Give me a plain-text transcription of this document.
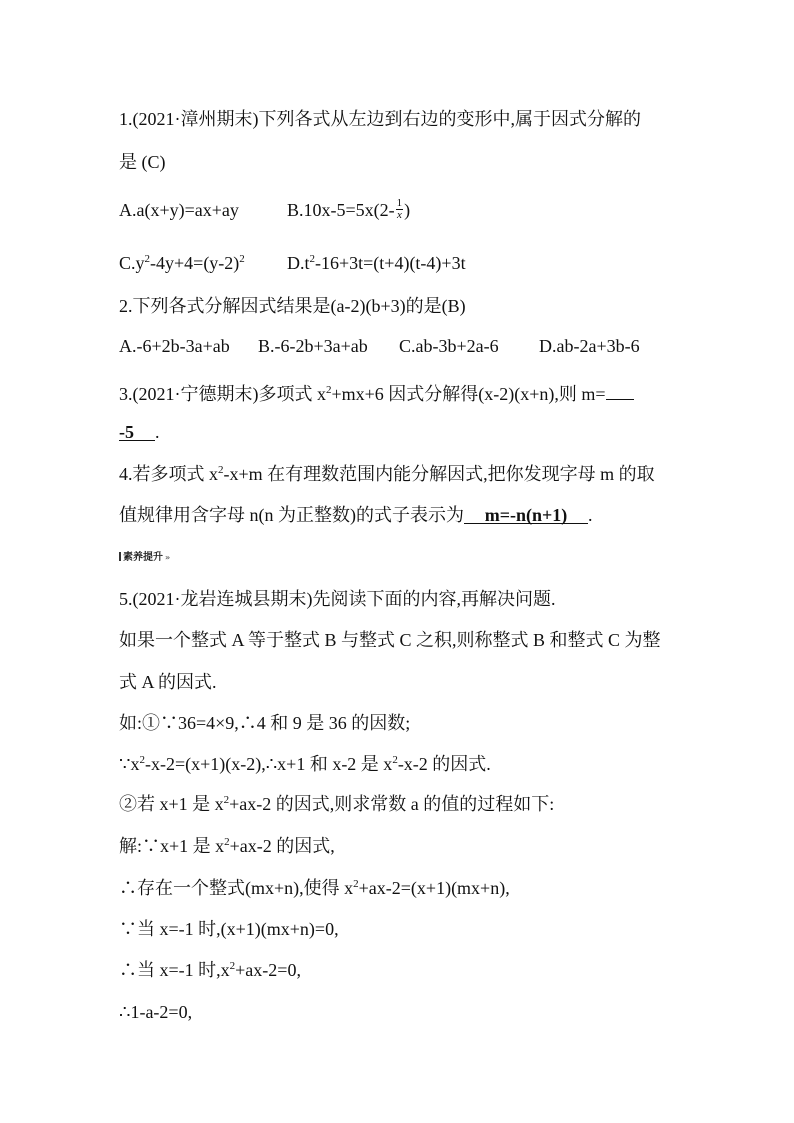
1.(2021·漳州期末)下列各式从左边到右边的变形中,属于因式分解的
是 (C)
A.a(x+y)=ax+ay	$B.10x-5=5x(2- \frac{1}{x}$ )
$C.y^2-4y+4=(y-2)^2$ $D.t^2-16+3t=(t+4)(t-4)+3t$
2.下列各式分解因式结果是(a-2)(b+3)的是(B)
A.-6+2b-3a+ab B.-6-2b+3a+ab C.ab-3b+2a-6 D.ab-2a+3b-6
3.(2021·宁德期末)多项式 $x^2+mx+6$ 因式分解得(x-2)(x+n),则 m=
-5 .
4.若多项式 $x^2-x+m$ 在有理数范围内能分解因式,把你发现字母 m 的取
值规律用含字母 n(n 为正整数)的式子表示为 m=-n(n+1) .
素养提升 »
5.(2021·龙岩连城县期末)先阅读下面的内容,再解决问题.
如果一个整式 A 等于整式 B 与整式 C 之积,则称整式 B 和整式 C 为整
式 A 的因式.
如:①∵36=4×9,∴4 和 9 是 36 的因数;
$\because x^2-x-2=(x+1)(x-2),\therefore x+1$ 和 x-2 是 $x^2-x-2$ 的因式.
②若 x+1 是 $x^2+ax-2$ 的因式,则求常数 a 的值的过程如下:
解:∵x+1 是 $x^2+ax-2$ 的因式,
∴存在一个整式(mx+n),使得 $x^2+ax-2=(x+1)(mx+n)$,
∵当 x=-1 时,(x+1)(mx+n)=0,
∴当 x=-1 时$,x^2+ax-2=0$,
∴1-a-2=0,
